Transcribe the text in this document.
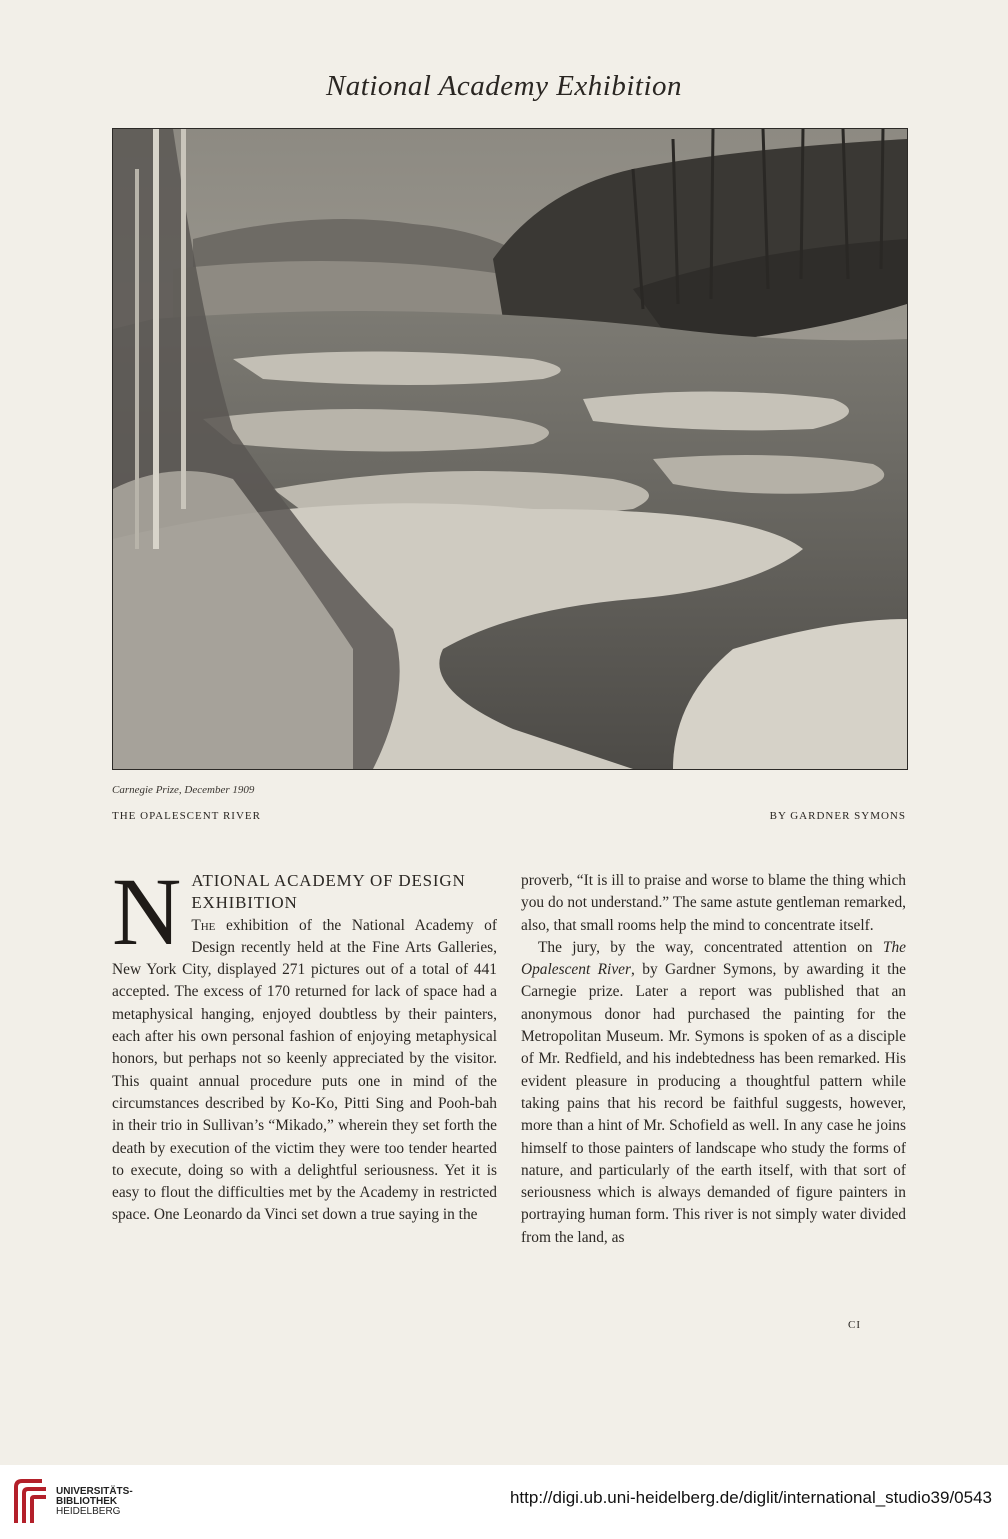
National Academy Exhibition
Carnegie Prize, December 1909
THE OPALESCENT RIVER	BY GARDNER SYMONS
N ATIONAL ACADEMY OF DESIGN
EXHIBITION

The exhibition of the National Academy of Design recently held at the Fine Arts Galleries, New York City, displayed 271 pictures out of a total of 441 accepted. The excess of 170 returned for lack of space had a metaphysical hanging, enjoyed doubtless by their painters, each after his own personal fashion of enjoying metaphysical honors, but perhaps not so keenly appreciated by the visitor. This quaint annual procedure puts one in mind of the circumstances described by Ko-Ko, Pitti Sing and Pooh-bah in their trio in Sullivan’s “Mikado,” wherein they set forth the death by execution of the victim they were too tender hearted to execute, doing so with a delightful seriousness. Yet it is easy to flout the difficulties met by the Academy in restricted space. One Leonardo da Vinci set down a true saying in the

proverb, “It is ill to praise and worse to blame the thing which you do not understand.” The same astute gentleman remarked, also, that small rooms help the mind to concentrate itself.

The jury, by the way, concentrated attention on The Opalescent River, by Gardner Symons, by awarding it the Carnegie prize. Later a report was published that an anonymous donor had purchased the painting for the Metropolitan Museum. Mr. Symons is spoken of as a disciple of Mr. Redfield, and his indebtedness has been remarked. His evident pleasure in producing a thoughtful pattern while taking pains that his record be faithful suggests, however, more than a hint of Mr. Schofield as well. In any case he joins himself to those painters of landscape who study the forms of nature, and particularly of the earth itself, with that sort of seriousness which is always demanded of figure painters in portraying human form. This river is not simply water divided from the land, as

CI
UNIVERSITÄTS-
BIBLIOTHEK
HEIDELBERG
http://digi.ub.uni-heidelberg.de/diglit/international_studio39/0543
